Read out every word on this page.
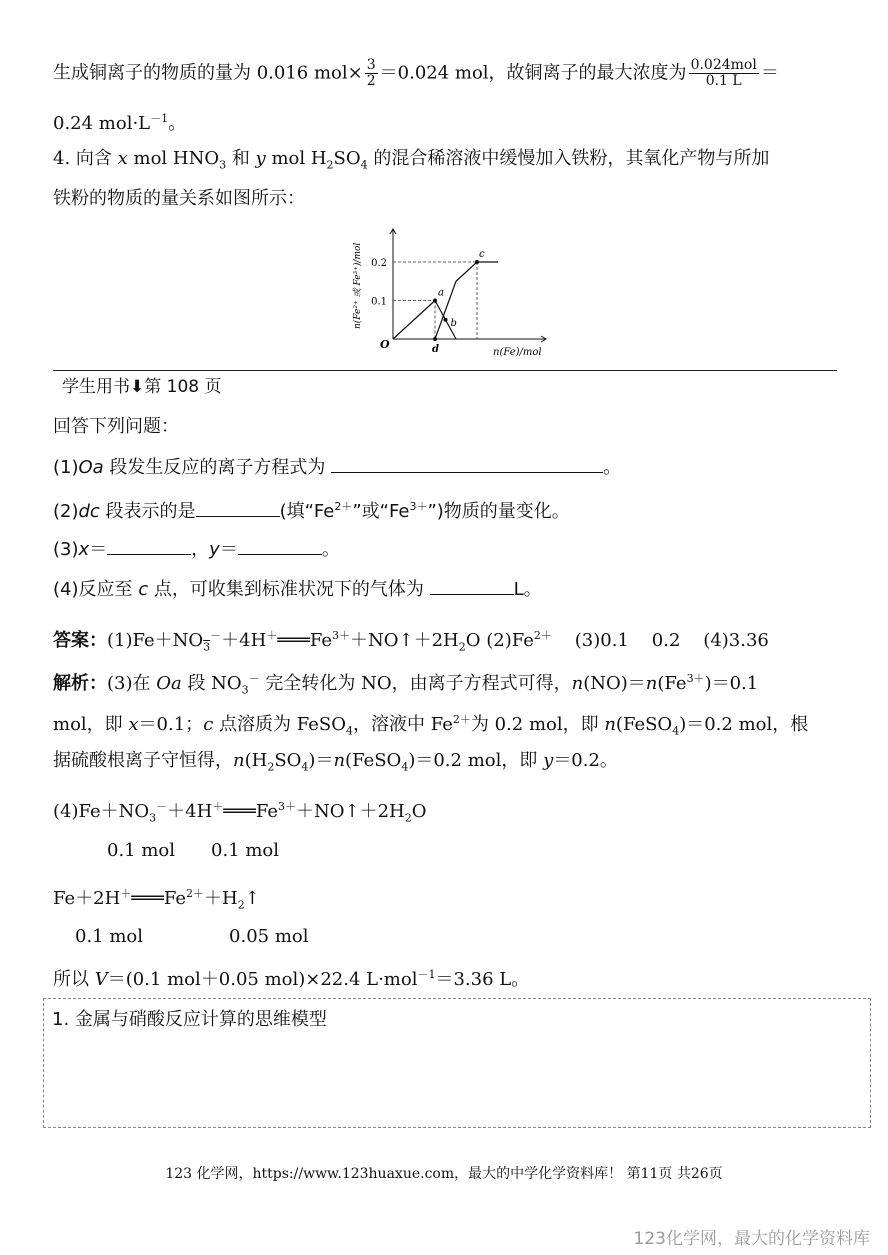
生成铜离子的物质的量为 0.016 $mol\times \frac{3}{2} =0.024$ mol，故铜离子的最大浓度为 $\frac{\text{0.024mol}}{0.1 L}$ ＝
0.24 $mol\cdot L^{-1}$。
4. 向含 x mol $HNO_3$ 和 y mol $H_2SO_4$ 的混合稀溶液中缓慢加入铁粉，其氧化产物与所加
铁粉的物质的量关系如图所示：
0.1
0.2
a
b
c
d
O
n(Fe)/mol
n(Fe²⁺ 或 Fe³⁺)/mol
学生用书⬇第 108 页
回答下列问题：
(1)Oa 段发生反应的离子方程式为	。
(2)dc 段表示的是	(填“$Fe^{2+}$”或“$Fe^{3+}$”)物质的量变化。
(3)x＝	，y＝	。
(4)反应至 c 点，可收集到标准状况下的气体为	L。
答案：$(1)Fe+NO_3^-+4H^+═══Fe^{3+}+NO↑+2H_2O$ $(2)Fe^{2+}$    (3)0.1    0.2    (4)3.36
解析：(3)在 Oa 段 $NO_3^-$ 完全转化为 NO，由离子方程式可得，$n(NO)=n(Fe^{3+})=0.1$
mol，即 x＝0.1；c 点溶质为 FeSO$_4$，溶液中 $Fe^{2+}$为 0.2 mol，即 n(FeSO$_4$)＝0.2 mol，根
据硫酸根离子守恒得，$n(H_2SO_4)=n(FeSO_4)=0.2$ mol，即 y＝0.2。
$(4)Fe+NO_3^-+4H^+═══Fe^{3+}+NO↑+2H_2O$
0.1 mol 0.1 mol
$Fe+2H^+═══Fe^{2+}+H_2↑$
0.1 mol	0.05 mol
所以 V＝(0.1 mol＋0.05 mol)×22.4 L·mol$^{-1}$＝3.36 L。
1. 金属与硝酸反应计算的思维模型
123 化学网，https://www.123huaxue.com，最大的中学化学资料库！ 第11页 共26页
123化学网，最大的化学资料库
